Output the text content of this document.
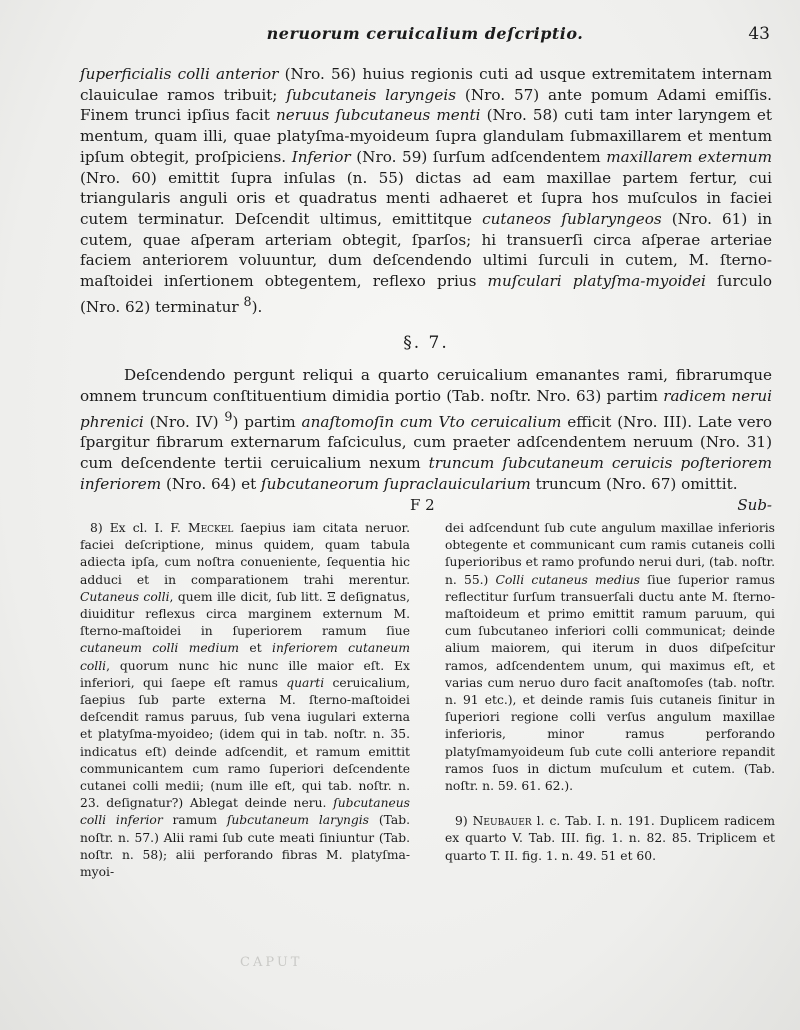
neruorum ceruicalium deſcriptio.	43

ſuperficialis colli anterior (Nro. 56) huius regionis cuti ad usque extremitatem internam clauiculae ramos tribuit; ſubcutaneis laryngeis (Nro. 57) ante pomum Adami emiſſis. Finem trunci ipſius facit neruus ſubcutaneus menti (Nro. 58) cuti tam inter laryngem et mentum, quam illi, quae platyſma-myoideum ſupra glandulam ſubmaxillarem et mentum ipſum obtegit, proſpiciens. Inferior (Nro. 59) ſurſum adſcendentem maxillarem externum (Nro. 60) emittit ſupra inſulas (n. 55) dictas ad eam maxillae partem fertur, cui triangularis anguli oris et quadratus menti adhaeret et ſupra hos muſculos in faciei cutem terminatur. Deſcendit ultimus, emittitque cutaneos ſublaryngeos (Nro. 61) in cutem, quae aſperam arteriam obtegit, ſparſos; hi transuerſi circa aſperae arteriae faciem anteriorem voluuntur, dum deſcendendo ultimi ſurculi in cutem, M. ſterno-maſtoidei inſertionem obtegentem, reflexo prius muſculari platyſma-myoidei ſurculo (Nro. 62) terminatur $^8$).

§. 7.

Deſcendendo pergunt reliqui a quarto ceruicalium emanantes rami, fibrarumque omnem truncum conſtituentium dimidia portio (Tab. noſtr. Nro. 63) partim radicem nerui phrenici (Nro. IV) $^9$) partim anaſtomoſin cum Vto ceruicalium efficit (Nro. III). Late vero ſpargitur fibrarum externarum faſciculus, cum praeter adſcendentem neruum (Nro. 31) cum deſcendente tertii ceruicalium nexum truncum ſubcutaneum ceruicis poſteriorem inferiorem (Nro. 64) et ſubcutaneorum ſupraclauicularium truncum (Nro. 67) omittit.

F 2	Sub-

8) Ex cl. I. F. Meckel ſaepius iam citata neruor. faciei deſcriptione, minus quidem, quam tabula adiecta ipſa, cum noſtra conueniente, ſequentia hic adduci et in comparationem trahi merentur. Cutaneus colli, quem ille dicit, ſub litt. Ξ deſignatus, diuiditur reflexus circa marginem externum M. ſterno-maſtoidei in ſuperiorem ramum ſiue cutaneum colli medium et inferiorem cutaneum colli, quorum nunc hic nunc ille maior eſt. Ex inferiori, qui ſaepe eſt ramus quarti ceruicalium, ſaepius ſub parte externa M. ſterno-maſtoidei deſcendit ramus paruus, ſub vena iugulari externa et platyſma-myoideo; (idem qui in tab. noſtr. n. 35. indicatus eſt) deinde adſcendit, et ramum emittit communicantem cum ramo ſuperiori deſcendente cutanei colli medii; (num ille eſt, qui tab. noſtr. n. 23. deſignatur?) Ablegat deinde neru. ſubcutaneus colli inferior ramum ſubcutaneum laryngis (Tab. noſtr. n. 57.) Alii rami ſub cute meati ſiniuntur (Tab. noſtr. n. 58); alii perforando fibras M. platyſma-myoi-

dei adſcendunt ſub cute angulum maxillae inferioris obtegente et communicant cum ramis cutaneis colli ſuperioribus et ramo profundo nerui duri, (tab. noſtr. n. 55.) Colli cutaneus medius ſiue ſuperior ramus reflectitur ſurſum transuerſali ductu ante M. ſterno-maſtoideum et primo emittit ramum paruum, qui cum ſubcutaneo inferiori colli communicat; deinde alium maiorem, qui iterum in duos diſpeſcitur ramos, adſcendentem unum, qui maximus eſt, et varias cum neruo duro facit anaſtomoſes (tab. noſtr. n. 91 etc.), et deinde ramis ſuis cutaneis ſinitur in ſuperiori regione colli verſus angulum maxillae inferioris, minor ramus perforando platyſmamyoideum ſub cute colli anteriore repandit ramos ſuos in dictum muſculum et cutem. (Tab. noſtr. n. 59. 61. 62.).

9) Neubauer l. c. Tab. I. n. 191. Duplicem radicem ex quarto V. Tab. III. fig. 1. n. 82. 85. Triplicem et quarto T. II. fig. 1. n. 49. 51 et 60.

CAPUT
